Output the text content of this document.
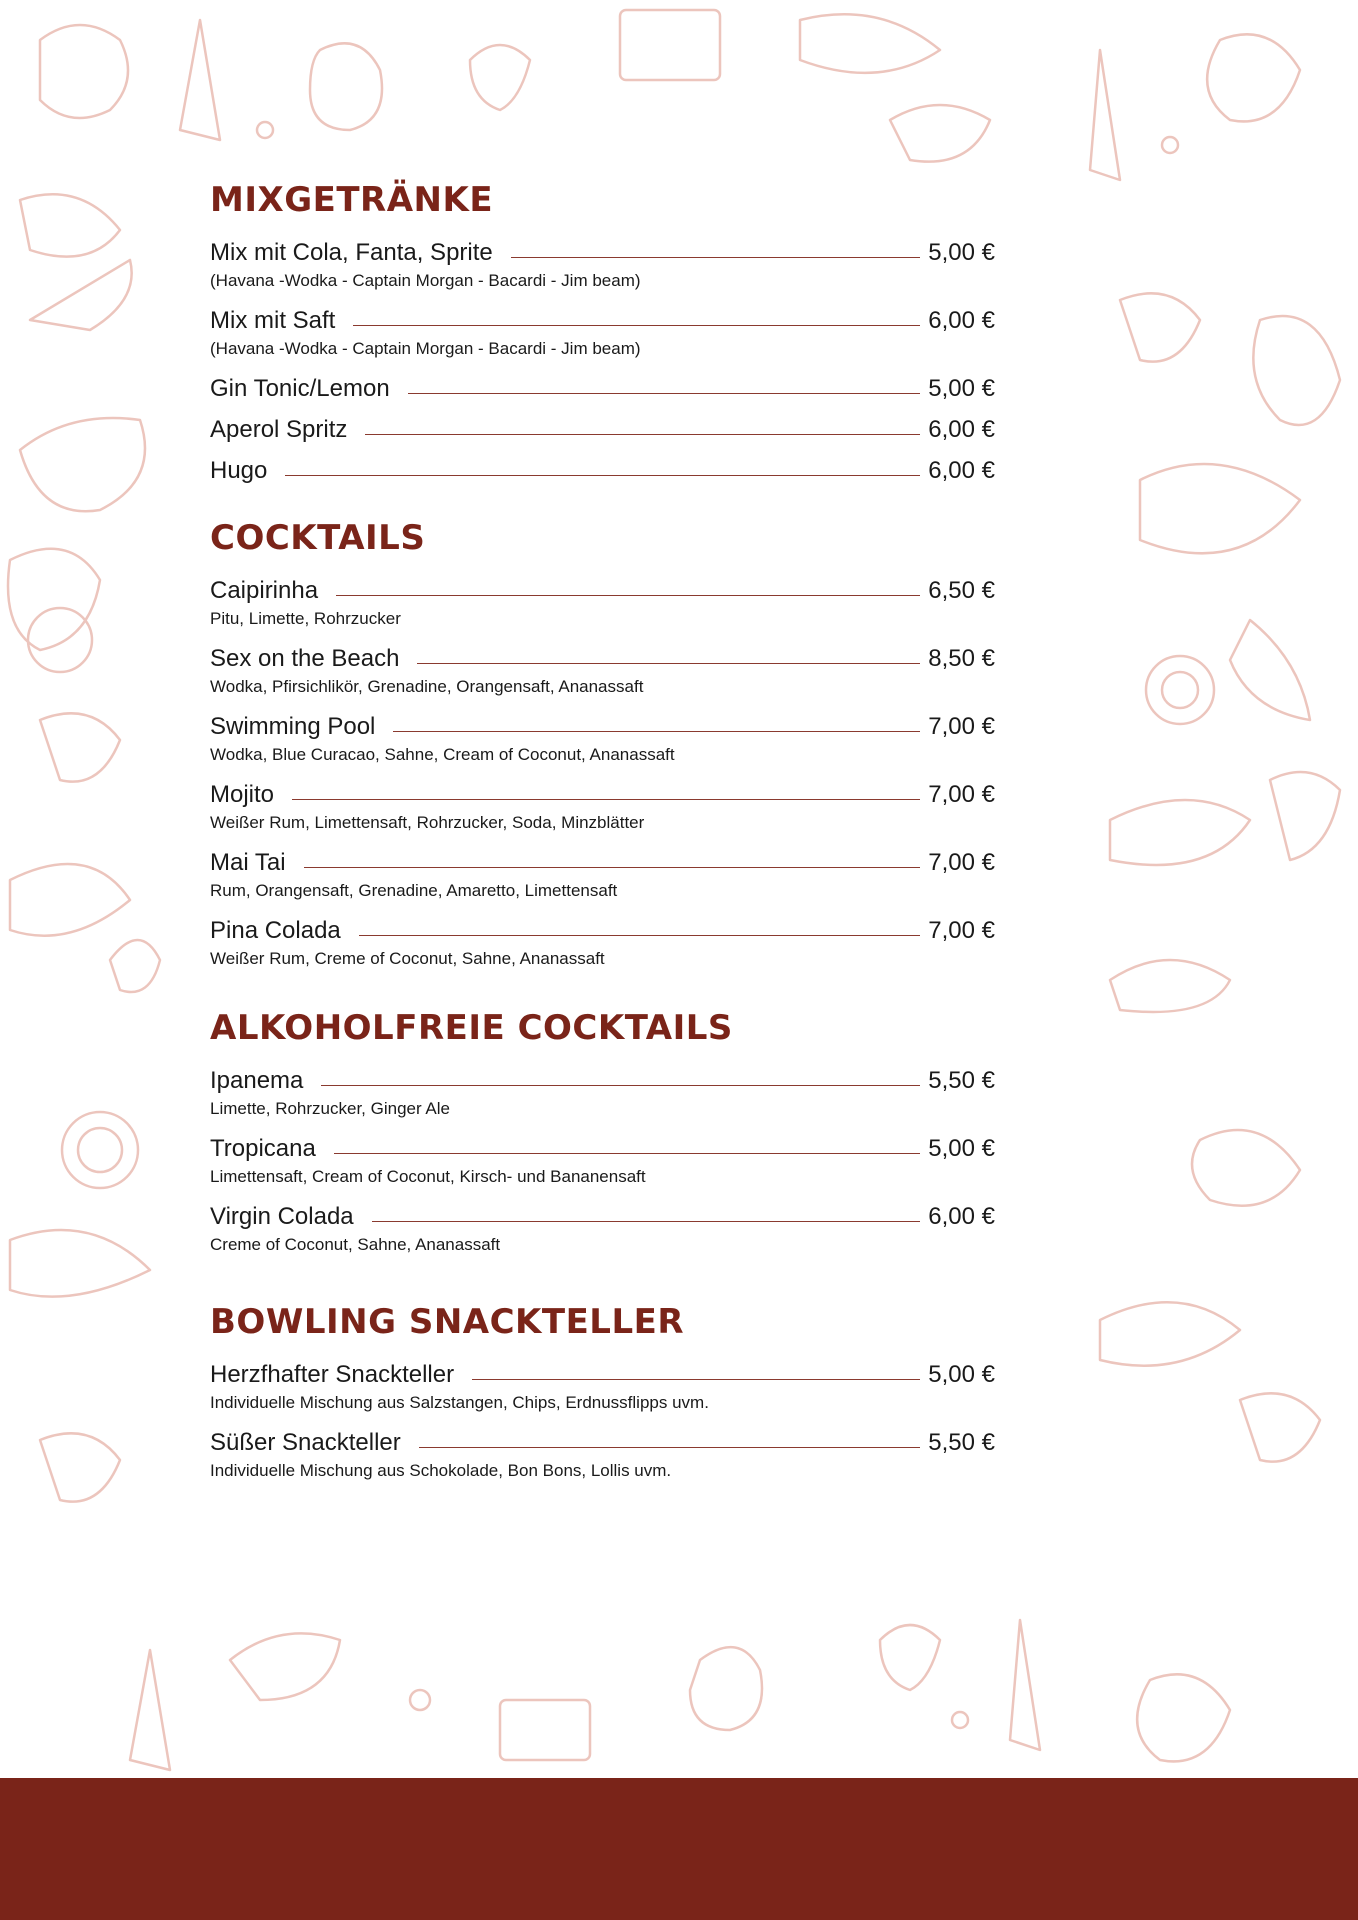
MIXGETRÄNKE
Mix mit Cola, Fanta, Sprite	5,00 €
(Havana -Wodka - Captain Morgan - Bacardi - Jim beam)
Mix mit Saft	6,00 €
(Havana -Wodka - Captain Morgan - Bacardi - Jim beam)
Gin Tonic/Lemon	5,00 €
Aperol Spritz	6,00 €
Hugo	6,00 €
COCKTAILS
Caipirinha	6,50 €
Pitu, Limette, Rohrzucker
Sex on the Beach	8,50 €
Wodka, Pfirsichlikör, Grenadine, Orangensaft, Ananassaft
Swimming Pool	7,00 €
Wodka, Blue Curacao, Sahne, Cream of Coconut, Ananassaft
Mojito	7,00 €
Weißer Rum, Limettensaft, Rohrzucker, Soda, Minzblätter
Mai Tai	7,00 €
Rum, Orangensaft, Grenadine, Amaretto, Limettensaft
Pina Colada	7,00 €
Weißer Rum, Creme of Coconut, Sahne, Ananassaft
ALKOHOLFREIE COCKTAILS
Ipanema	5,50 €
Limette, Rohrzucker, Ginger Ale
Tropicana	5,00 €
Limettensaft, Cream of Coconut, Kirsch- und Bananensaft
Virgin Colada	6,00 €
Creme of Coconut, Sahne, Ananassaft
BOWLING SNACKTELLER
Herzfhafter Snackteller	5,00 €
Individuelle Mischung aus Salzstangen, Chips, Erdnussflipps uvm.
Süßer Snackteller	5,50 €
Individuelle Mischung aus Schokolade, Bon Bons, Lollis uvm.
